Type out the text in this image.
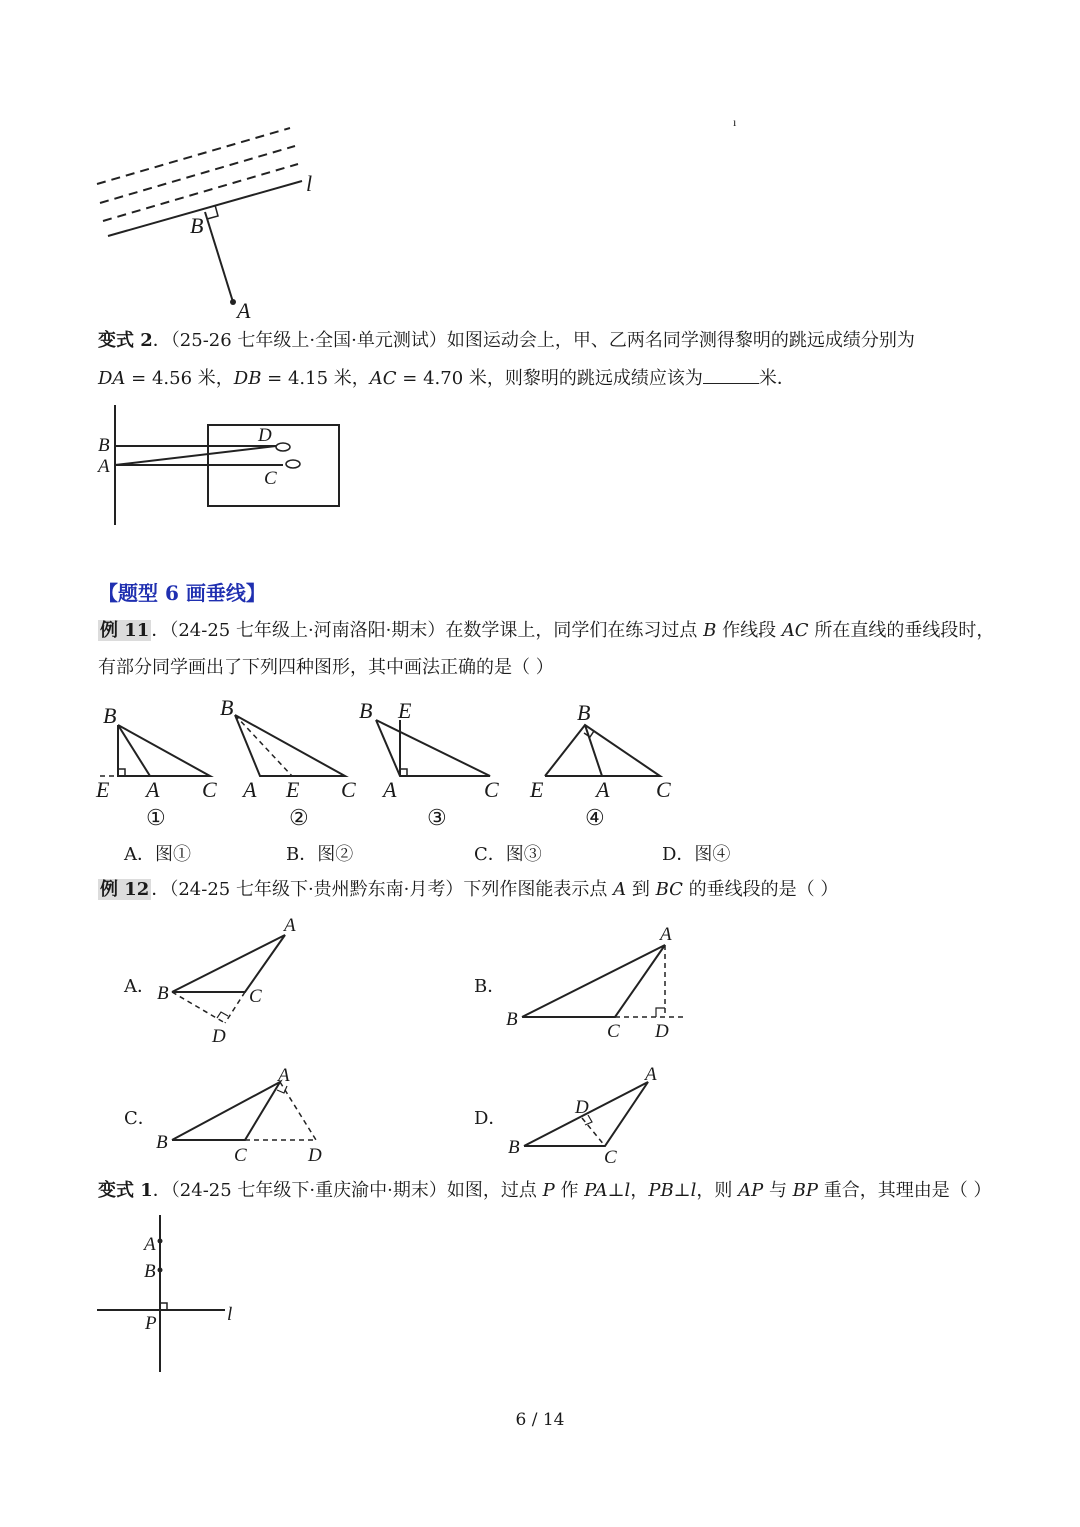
l
B
A
ı
变式 2．（25-26 七年级上·全国·单元测试）如图运动会上，甲、乙两名同学测得黎明的跳远成绩分别为
DA = 4.56 米，DB = 4.15 米，AC = 4.70 米，则黎明的跳远成绩应该为	米．
B
A
D
C
【题型 6 画垂线】
例 11 ．（24-25 七年级上·河南洛阳·期末）在数学课上，同学们在练习过点 B 作线段 AC 所在直线的垂线段时，
有部分同学画出了下列四种图形，其中画法正确的是（ ）
B
E A C
①
B
A E C
②
B E
A	C
③
B
E A C
④
A．图①	B．图②	C．图③	D．图④
例 12 ．（24-25 七年级下·贵州黔东南·月考）下列作图能表示点 A 到 BC 的垂线段的是（ ）
A．	B．
C．	D．
A
B	C
D
A
B
C D
A
B
C	D
A
D
B	C
变式 1．（24-25 七年级下·重庆渝中·期末）如图，过点 P 作 PA⊥l，PB⊥l，则 AP 与 BP 重合，其理由是（ ）
A
B
P	l
6 / 14
